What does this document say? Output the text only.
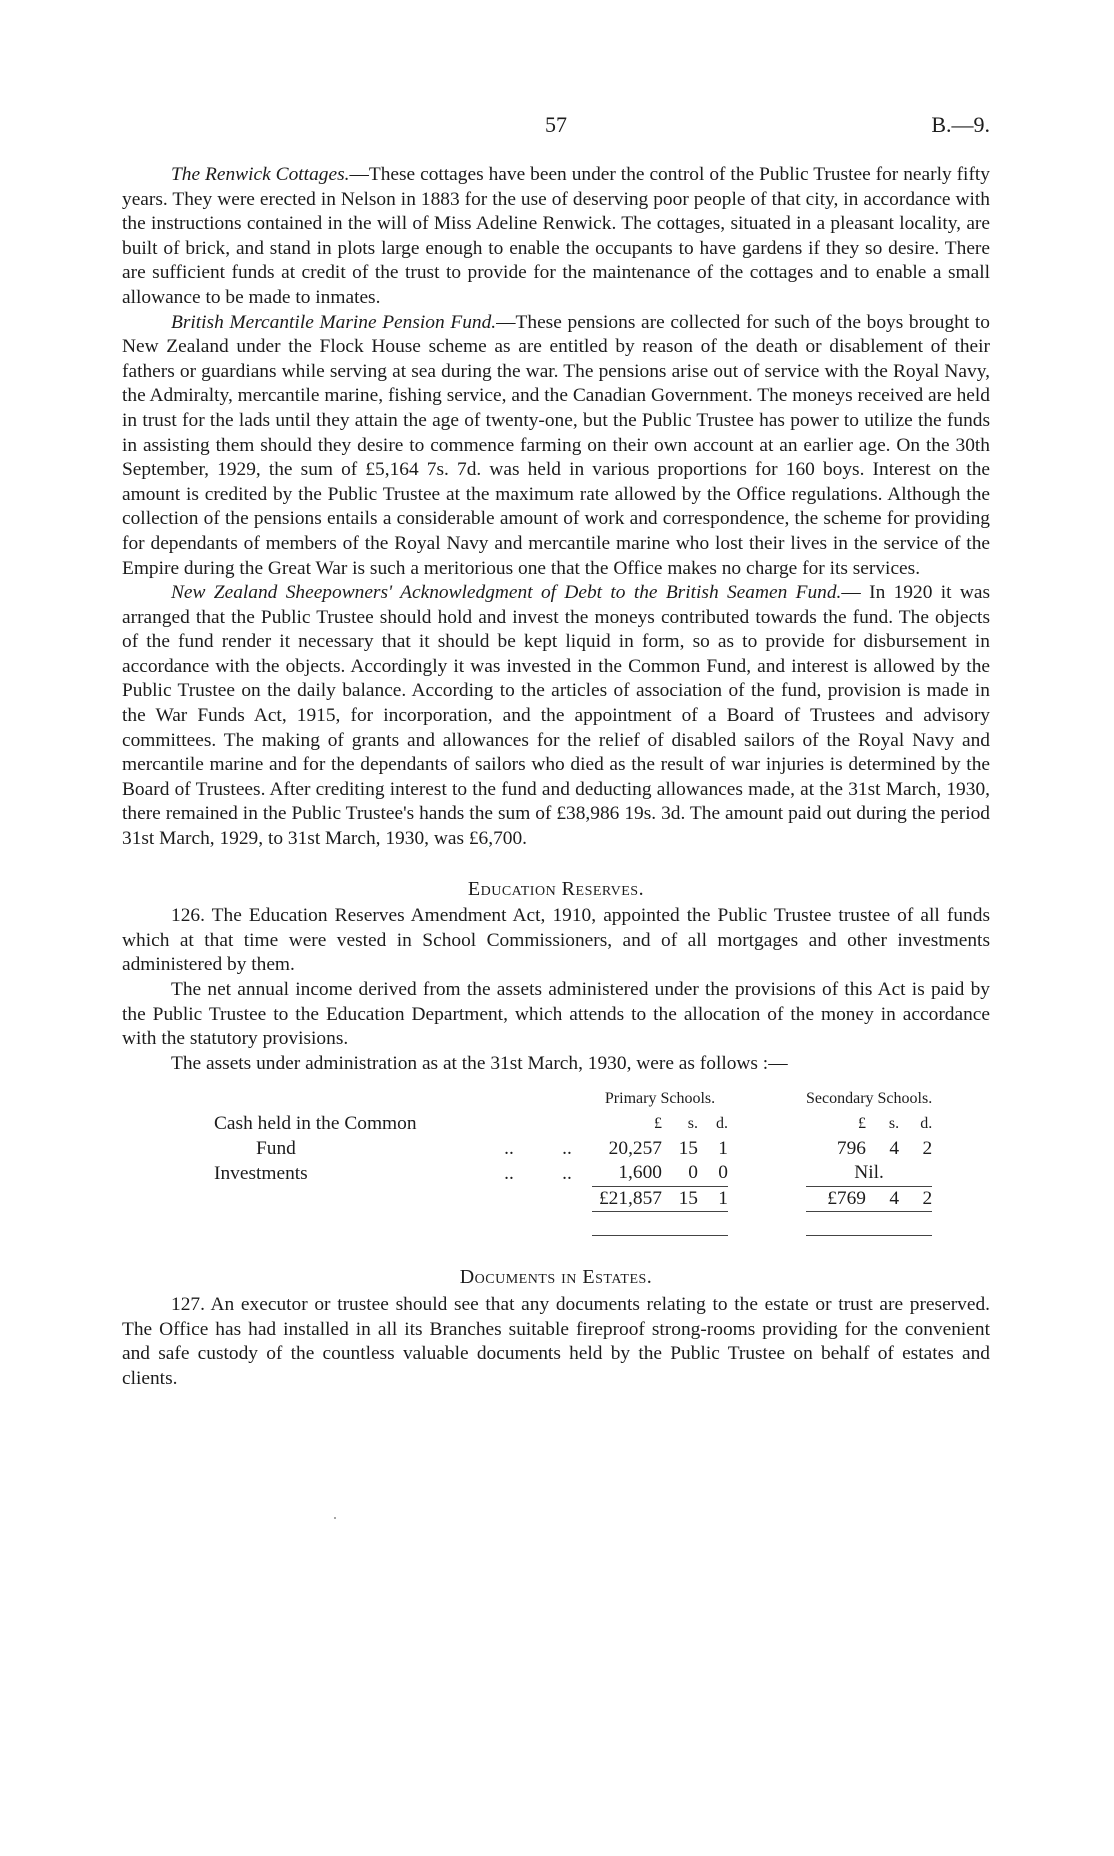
57	B.—9.

The Renwick Cottages.—These cottages have been under the control of the Public Trustee for nearly fifty years. They were erected in Nelson in 1883 for the use of deserving poor people of that city, in accordance with the instructions contained in the will of Miss Adeline Renwick. The cottages, situated in a pleasant locality, are built of brick, and stand in plots large enough to enable the occupants to have gardens if they so desire. There are sufficient funds at credit of the trust to provide for the maintenance of the cottages and to enable a small allowance to be made to inmates.

British Mercantile Marine Pension Fund.—These pensions are collected for such of the boys brought to New Zealand under the Flock House scheme as are entitled by reason of the death or disablement of their fathers or guardians while serving at sea during the war. The pensions arise out of service with the Royal Navy, the Admiralty, mercantile marine, fishing service, and the Canadian Government. The moneys received are held in trust for the lads until they attain the age of twenty-one, but the Public Trustee has power to utilize the funds in assisting them should they desire to commence farming on their own account at an earlier age. On the 30th September, 1929, the sum of £5,164 7s. 7d. was held in various proportions for 160 boys. Interest on the amount is credited by the Public Trustee at the maximum rate allowed by the Office regulations. Although the collection of the pensions entails a considerable amount of work and correspondence, the scheme for providing for dependants of members of the Royal Navy and mercantile marine who lost their lives in the service of the Empire during the Great War is such a meritorious one that the Office makes no charge for its services.

New Zealand Sheepowners' Acknowledgment of Debt to the British Seamen Fund.— In 1920 it was arranged that the Public Trustee should hold and invest the moneys contributed towards the fund. The objects of the fund render it necessary that it should be kept liquid in form, so as to provide for disbursement in accordance with the objects. Accordingly it was invested in the Common Fund, and interest is allowed by the Public Trustee on the daily balance. According to the articles of association of the fund, provision is made in the War Funds Act, 1915, for incorporation, and the appointment of a Board of Trustees and advisory committees. The making of grants and allowances for the relief of disabled sailors of the Royal Navy and mercantile marine and for the dependants of sailors who died as the result of war injuries is determined by the Board of Trustees. After crediting interest to the fund and deducting allowances made, at the 31st March, 1930, there remained in the Public Trustee's hands the sum of £38,986 19s. 3d. The amount paid out during the period 31st March, 1929, to 31st March, 1930, was £6,700.

Education Reserves.

126. The Education Reserves Amendment Act, 1910, appointed the Public Trustee trustee of all funds which at that time were vested in School Commissioners, and of all mortgages and other investments administered by them.

The net annual income derived from the assets administered under the provisions of this Act is paid by the Public Trustee to the Education Department, which attends to the allocation of the money in accordance with the statutory provisions.

The assets under administration as at the 31st March, 1930, were as follows :—

			Primary Schools.				Secondary Schools.		
Cash held in the Common			£	s.	d.		£	s.	d.
Fund	..	..	20,257	15	1		796	4	2
Investments	..	..	1,600	0	0		Nil.		
			£21,857	15	1		£769	4	2

Documents in Estates.

127. An executor or trustee should see that any documents relating to the estate or trust are preserved. The Office has had installed in all its Branches suitable fireproof strong-rooms providing for the convenient and safe custody of the countless valuable documents held by the Public Trustee on behalf of estates and clients.
